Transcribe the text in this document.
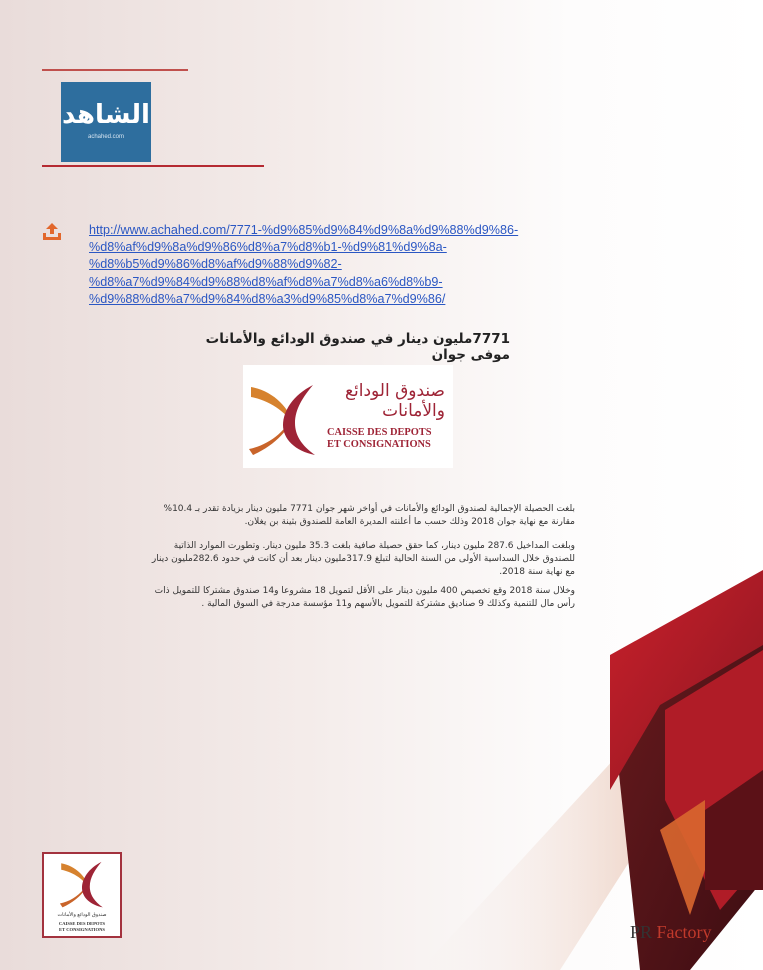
الشاهد
achahed.com
http://www.achahed.com/7771-%d9%85%d9%84%d9%8a%d9%88%d9%86-
%d8%af%d9%8a%d9%86%d8%a7%d8%b1-%d9%81%d9%8a-
%d8%b5%d9%86%d8%af%d9%88%d9%82-
%d8%a7%d9%84%d9%88%d8%af%d8%a7%d8%a6%d8%b9-
%d9%88%d8%a7%d9%84%d8%a3%d9%85%d8%a7%d9%86/
7771مليون دينار في صندوق الودائع والأمانات موفى جوان
صندوق الودائع والأمانات
CAISSE DES DEPOTS
ET CONSIGNATIONS
بلغت الحصيلة الإجمالية لصندوق الودائع والأمانات في أواخر شهر جوان 7771 مليون دينار بزيادة تقدر بـ 10.4% مقارنة مع نهاية جوان 2018 وذلك حسب ما أعلنته المديرة العامة للصندوق بثينة بن يغلان.
وبلغت المداخيل 287.6 مليون دينار، كما حقق حصيلة صافية بلغت 35.3 مليون دينار. وتطورت الموارد الذاتية للصندوق خلال السداسية الأولى من السنة الحالية لتبلغ 317.9مليون دينار بعد أن كانت في حدود 282.6مليون دينار مع نهاية سنة 2018.
وخلال سنة 2018 وقع تخصيص 400 مليون دينار على الأقل لتمويل 18 مشروعا و14 صندوق مشتركا للتمويل ذات رأس مال للتنمية وكذلك 9 صناديق مشتركة للتمويل بالأسهم و11 مؤسسة مدرجة في السوق المالية .
صندوق الودائع والأمانات
CAISSE DES DEPOTS
ET CONSIGNATIONS	PR Factory
